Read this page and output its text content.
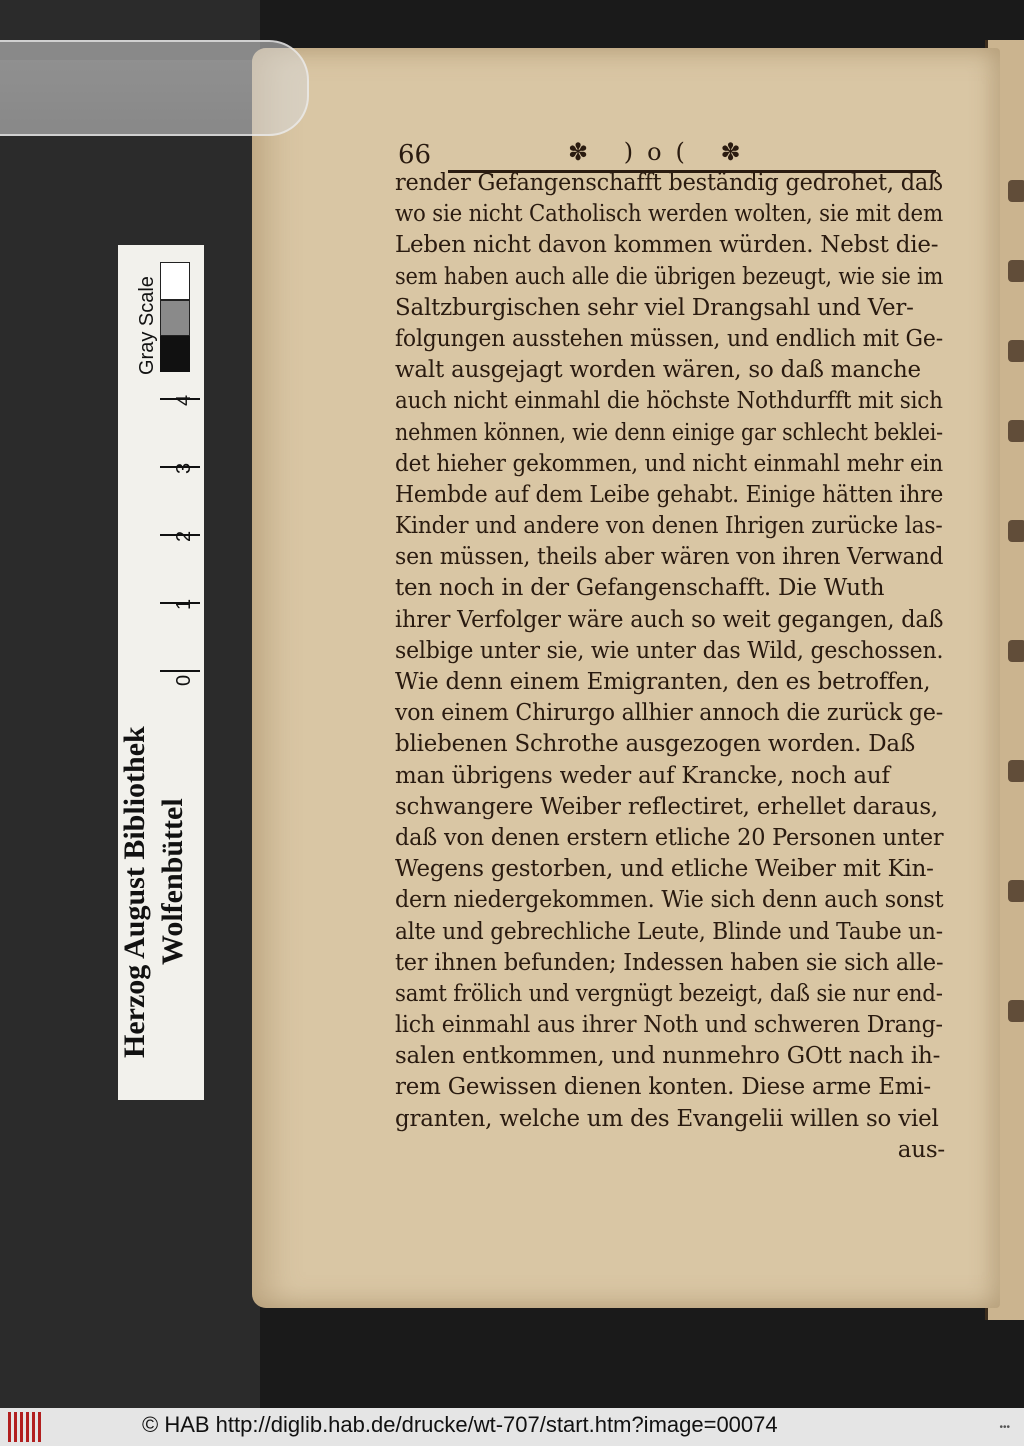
Gray Scale
Herzog August Bibliothek Wolfenbüttel
4
3
2
1
0
66	✽ )o( ✽
render Gefangenschafft beständig gedrohet, daß
wo sie nicht Catholisch werden wolten, sie mit dem
Leben nicht davon kommen würden. Nebst die-
sem haben auch alle die übrigen bezeugt, wie sie im
Saltzburgischen sehr viel Drangsahl und Ver-
folgungen ausstehen müssen, und endlich mit Ge-
walt ausgejagt worden wären, so daß manche
auch nicht einmahl die höchste Nothdurfft mit sich
nehmen können, wie denn einige gar schlecht beklei-
det hieher gekommen, und nicht einmahl mehr ein
Hembde auf dem Leibe gehabt. Einige hätten ihre
Kinder und andere von denen Ihrigen zurücke las-
sen müssen, theils aber wären von ihren Verwand
ten noch in der Gefangenschafft. Die Wuth
ihrer Verfolger wäre auch so weit gegangen, daß
selbige unter sie, wie unter das Wild, geschossen.
Wie denn einem Emigranten, den es betroffen,
von einem Chirurgo allhier annoch die zurück ge-
bliebenen Schrothe ausgezogen worden. Daß
man übrigens weder auf Krancke, noch auf
schwangere Weiber reflectiret, erhellet daraus,
daß von denen erstern etliche 20 Personen unter
Wegens gestorben, und etliche Weiber mit Kin-
dern niedergekommen. Wie sich denn auch sonst
alte und gebrechliche Leute, Blinde und Taube un-
ter ihnen befunden; Indessen haben sie sich alle-
samt frölich und vergnügt bezeigt, daß sie nur end-
lich einmahl aus ihrer Noth und schweren Drang-
salen entkommen, und nunmehro GOtt nach ih-
rem Gewissen dienen konten. Diese arme Emi-
granten, welche um des Evangelii willen so viel
aus-
© HAB http://diglib.hab.de/drucke/wt-707/start.htm?image=00074	•••
